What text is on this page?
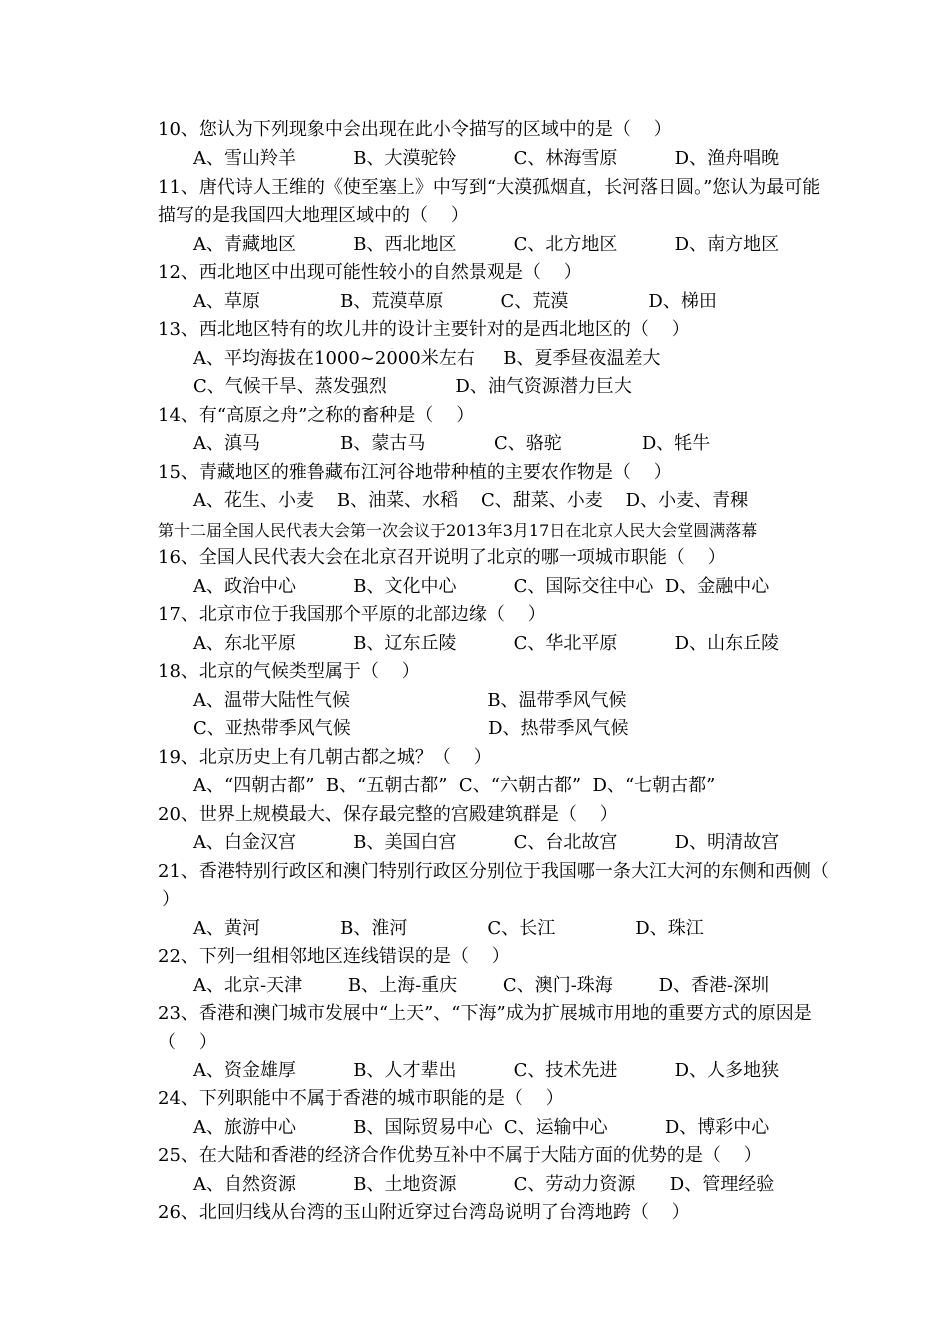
10、您认为下列现象中会出现在此小令描写的区域中的是（    ）
A、雪山羚羊          B、大漠驼铃          C、林海雪原          D、渔舟唱晚
11、唐代诗人王维的《使至塞上》中写到“大漠孤烟直，长河落日圆。”您认为最可能
描写的是我国四大地理区域中的（    ）
A、青藏地区          B、西北地区          C、北方地区          D、南方地区
12、西北地区中出现可能性较小的自然景观是（    ）
A、草原              B、荒漠草原          C、荒漠              D、梯田
13、西北地区特有的坎儿井的设计主要针对的是西北地区的（    ）
A、平均海拔在1000~2000米左右     B、夏季昼夜温差大
C、气候干旱、蒸发强烈            D、油气资源潜力巨大
14、有“高原之舟”之称的畜种是（    ）
A、滇马              B、蒙古马            C、骆驼              D、牦牛
15、青藏地区的雅鲁藏布江河谷地带种植的主要农作物是（    ）
A、花生、小麦    B、油菜、水稻    C、甜菜、小麦    D、小麦、青稞
第十二届全国人民代表大会第一次会议于2013年3月17日在北京人民大会堂圆满落幕
16、全国人民代表大会在北京召开说明了北京的哪一项城市职能（    ）
A、政治中心          B、文化中心          C、国际交往中心  D、金融中心
17、北京市位于我国那个平原的北部边缘（    ）
A、东北平原          B、辽东丘陵          C、华北平原          D、山东丘陵
18、北京的气候类型属于（    ）
A、温带大陆性气候                        B、温带季风气候
C、亚热带季风气候                        D、热带季风气候
19、北京历史上有几朝古都之城？（    ）
A、“四朝古都”  B、“五朝古都”  C、“六朝古都”  D、“七朝古都”
20、世界上规模最大、保存最完整的宫殿建筑群是（    ）
A、白金汉宫          B、美国白宫          C、台北故宫          D、明清故宫
21、香港特别行政区和澳门特别行政区分别位于我国哪一条大江大河的东侧和西侧（
）
A、黄河              B、淮河              C、长江              D、珠江
22、下列一组相邻地区连线错误的是（    ）
A、北京-天津        B、上海-重庆        C、澳门-珠海        D、香港-深圳
23、香港和澳门城市发展中“上天”、“下海”成为扩展城市用地的重要方式的原因是
（    ）
A、资金雄厚          B、人才辈出          C、技术先进          D、人多地狭
24、下列职能中不属于香港的城市职能的是（    ）
A、旅游中心          B、国际贸易中心  C、运输中心          D、博彩中心
25、在大陆和香港的经济合作优势互补中不属于大陆方面的优势的是（    ）
A、自然资源          B、土地资源          C、劳动力资源      D、管理经验
26、北回归线从台湾的玉山附近穿过台湾岛说明了台湾地跨（    ）
